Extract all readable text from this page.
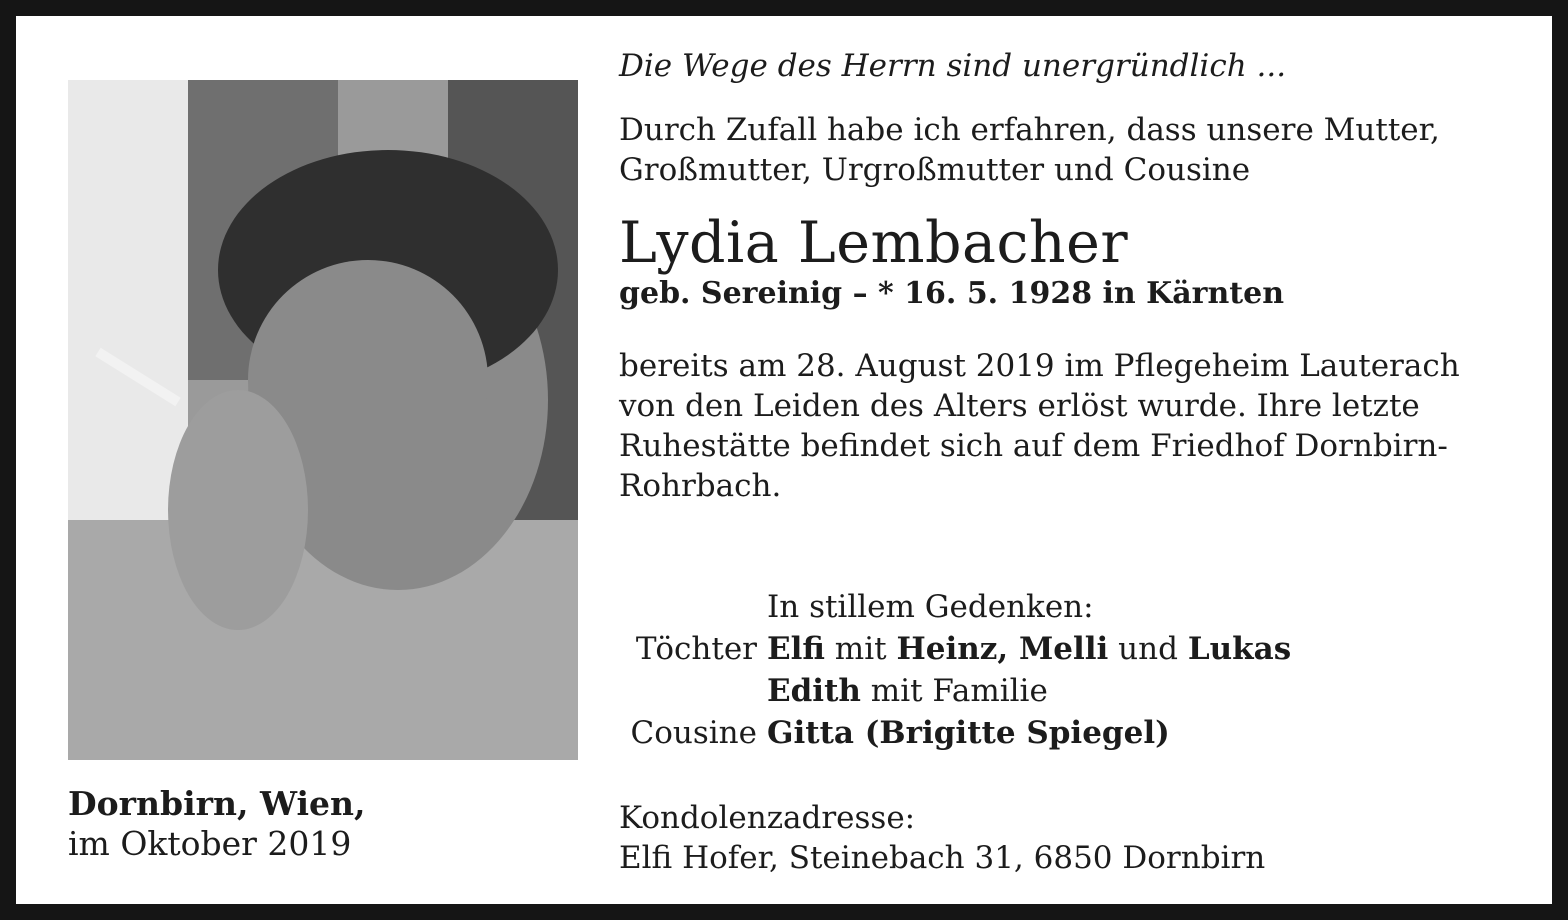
Dornbirn, Wien,
im Oktober 2019
Die Wege des Herrn sind unergründlich ...
Durch Zufall habe ich erfahren, dass unsere Mutter,
Großmutter, Urgroßmutter und Cousine
Lydia Lembacher
geb. Sereinig – * 16. 5. 1928 in Kärnten
bereits am 28. August 2019 im Pflegeheim Lauterach
von den Leiden des Alters erlöst wurde. Ihre letzte
Ruhestätte befindet sich auf dem Friedhof Dornbirn-
Rohrbach.
In stillem Gedenken:
Töchter Elfi mit Heinz, Melli und Lukas
Edith mit Familie
Cousine Gitta (Brigitte Spiegel)
Kondolenzadresse:
Elfi Hofer, Steinebach 31, 6850 Dornbirn
